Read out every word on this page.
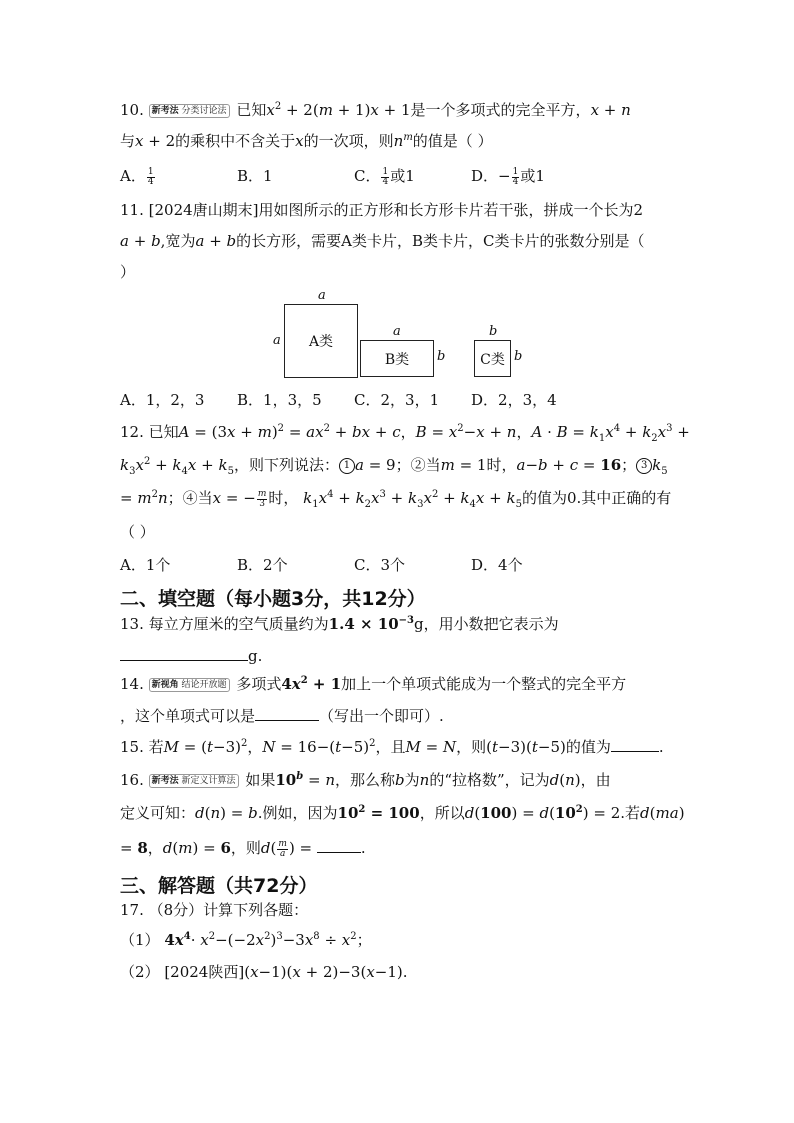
10. 新考法 分类讨论法 已知$x^2 + 2(m + 1)x + 1$是一个多项式的完全平方，x + n
与x + 2的乘积中不含关于x的一次项，则$n^m$的值是（ ）
A． $\frac{1}{4}$	B．1	C． $\frac{1}{4}$ 或1	D．− $\frac{1}{4}$ 或1
11. [2024唐山期末]用如图所示的正方形和长方形卡片若干张，拼成一个长为2
a + b,宽为a + b的长方形，需要A类卡片，B类卡片，C类卡片的张数分别是（
）
a
a A类
a
b
B类
b
b
C类
A．1，2，3 B．1，3，5 C．2，3，1 D．2，3，4
12. 已知$A = (3x + m)^2 = ax^2$ + bx + c，$B = x^2-x + n$，$A \cdot B = k_1x^4 + k_2x^3$ +
$k_3x^2 + k_4x + k_5$，则下列说法： 1 a = 9；②当m = 1时，a−b + c = 16； 3 $k_5$
= $m^2n$；④当x = − $\frac{m}{3}$ 时， $k_1x^4 + k_2x^3 + k_3x^2 + k_4x + k_5$的值为0.其中正确的有
（ ）
A．1个	B．2个	C．3个	D．4个
二、填空题（每小题3分，共12分）
13. 每立方厘米的空气质量约为$1.4 \times 10^{-3}g$，用小数把它表示为
g.
14. 新视角 结论开放题 多项式$4x^2 + 1$加上一个单项式能成为一个整式的完全平方
，这个单项式可以是	（写出一个即可）.
15. 若$M = (t-3)^2$，$N = 16-(t-5)^2$，且M = N，则(t−3)(t−5)的值为	.
16. 新考法 新定义计算法 如果$10^b = n$，那么称b为n的“拉格数”，记为d(n)，由
定义可知：d(n) = b.例如，因为$10^2 = 100$，所以$d(100) = d(10^2) = 2$.若d(ma)
= 8，d(m) = 6，则$d( \frac{m}{a}$ ) =	.
三、解答题（共72分）
17. （8分）计算下列各题：
（1） $4x^4\cdot x^2-(-2x^2)^3-3x^8 \div x^2$；
（2） [2024陕西](x−1)(x + 2)−3(x−1).
